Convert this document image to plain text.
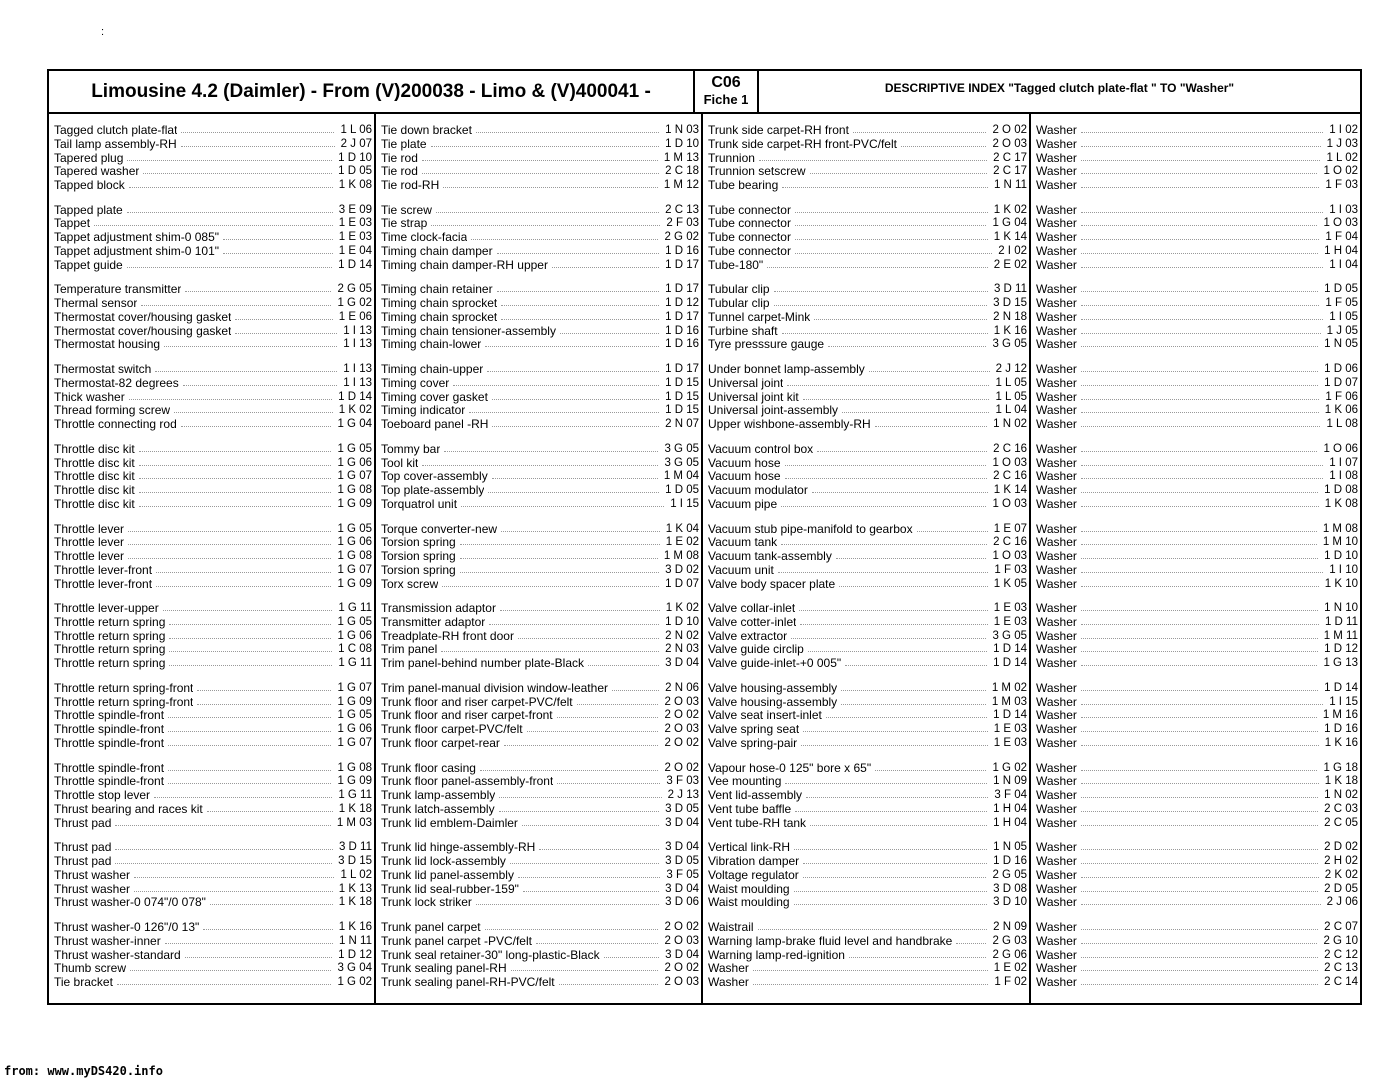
:
Limousine 4.2 (Daimler) - From (V)200038 - Limo & (V)400041 -	C06
Fiche 1
DESCRIPTIVE INDEX "Tagged clutch plate-flat " TO "Washer"
Tagged clutch plate-flat	1 L 06
Tail lamp assembly-RH	2 J 07
Tapered plug	1 D 10
Tapered washer	1 D 05
Tapped block	1 K 08
Tapped plate	3 E 09
Tappet	1 E 03
Tappet adjustment shim-0 085"	1 E 03
Tappet adjustment shim-0 101"	1 E 04
Tappet guide	1 D 14
Temperature transmitter	2 G 05
Thermal sensor	1 G 02
Thermostat cover/housing gasket	1 E 06
Thermostat cover/housing gasket	1 I 13
Thermostat housing	1 I 13
Thermostat switch	1 I 13
Thermostat-82 degrees	1 I 13
Thick washer	1 D 14
Thread forming screw	1 K 02
Throttle connecting rod	1 G 04
Throttle disc kit	1 G 05
Throttle disc kit	1 G 06
Throttle disc kit	1 G 07
Throttle disc kit	1 G 08
Throttle disc kit	1 G 09
Throttle lever	1 G 05
Throttle lever	1 G 06
Throttle lever	1 G 08
Throttle lever-front	1 G 07
Throttle lever-front	1 G 09
Throttle lever-upper	1 G 11
Throttle return spring	1 G 05
Throttle return spring	1 G 06
Throttle return spring	1 C 08
Throttle return spring	1 G 11
Throttle return spring-front	1 G 07
Throttle return spring-front	1 G 09
Throttle spindle-front	1 G 05
Throttle spindle-front	1 G 06
Throttle spindle-front	1 G 07
Throttle spindle-front	1 G 08
Throttle spindle-front	1 G 09
Throttle stop lever	1 G 11
Thrust bearing and races kit	1 K 18
Thrust pad	1 M 03
Thrust pad	3 D 11
Thrust pad	3 D 15
Thrust washer	1 L 02
Thrust washer	1 K 13
Thrust washer-0 074"/0 078"	1 K 18
Thrust washer-0 126"/0 13"	1 K 16
Thrust washer-inner	1 N 11
Thrust washer-standard	1 D 12
Thumb screw	3 G 04
Tie bracket	1 G 02
Tie down bracket	1 N 03
Tie plate	1 D 10
Tie rod	1 M 13
Tie rod	2 C 18
Tie rod-RH	1 M 12
Tie screw	2 C 13
Tie strap	2 F 03
Time clock-facia	2 G 02
Timing chain damper	1 D 16
Timing chain damper-RH upper	1 D 17
Timing chain retainer	1 D 17
Timing chain sprocket	1 D 12
Timing chain sprocket	1 D 17
Timing chain tensioner-assembly	1 D 16
Timing chain-lower	1 D 16
Timing chain-upper	1 D 17
Timing cover	1 D 15
Timing cover gasket	1 D 15
Timing indicator	1 D 15
Toeboard panel -RH	2 N 07
Tommy bar	3 G 05
Tool kit	3 G 05
Top cover-assembly	1 M 04
Top plate-assembly	1 D 05
Torquatrol unit	1 I 15
Torque converter-new	1 K 04
Torsion spring	1 E 02
Torsion spring	1 M 08
Torsion spring	3 D 02
Torx screw	1 D 07
Transmission adaptor	1 K 02
Transmitter adaptor	1 D 10
Treadplate-RH front door	2 N 02
Trim panel	2 N 03
Trim panel-behind number plate-Black	3 D 04
Trim panel-manual division window-leather	2 N 06
Trunk floor and riser carpet-PVC/felt	2 O 03
Trunk floor and riser carpet-front	2 O 02
Trunk floor carpet-PVC/felt	2 O 03
Trunk floor carpet-rear	2 O 02
Trunk floor casing	2 O 02
Trunk floor panel-assembly-front	3 F 03
Trunk lamp-assembly	2 J 13
Trunk latch-assembly	3 D 05
Trunk lid emblem-Daimler	3 D 04
Trunk lid hinge-assembly-RH	3 D 04
Trunk lid lock-assembly	3 D 05
Trunk lid panel-assembly	3 F 05
Trunk lid seal-rubber-159"	3 D 04
Trunk lock striker	3 D 06
Trunk panel carpet	2 O 02
Trunk panel carpet -PVC/felt	2 O 03
Trunk seal retainer-30" long-plastic-Black	3 D 04
Trunk sealing panel-RH	2 O 02
Trunk sealing panel-RH-PVC/felt	2 O 03
Trunk side carpet-RH front	2 O 02
Trunk side carpet-RH front-PVC/felt	2 O 03
Trunnion	2 C 17
Trunnion setscrew	2 C 17
Tube bearing	1 N 11
Tube connector	1 K 02
Tube connector	1 G 04
Tube connector	1 K 14
Tube connector	2 I 02
Tube-180"	2 E 02
Tubular clip	3 D 11
Tubular clip	3 D 15
Tunnel carpet-Mink	2 N 18
Turbine shaft	1 K 16
Tyre presssure gauge	3 G 05
Under bonnet lamp-assembly	2 J 12
Universal joint	1 L 05
Universal joint kit	1 L 05
Universal joint-assembly	1 L 04
Upper wishbone-assembly-RH	1 N 02
Vacuum control box	2 C 16
Vacuum hose	1 O 03
Vacuum hose	2 C 16
Vacuum modulator	1 K 14
Vacuum pipe	1 O 03
Vacuum stub pipe-manifold to gearbox	1 E 07
Vacuum tank	2 C 16
Vacuum tank-assembly	1 O 03
Vacuum unit	1 F 03
Valve body spacer plate	1 K 05
Valve collar-inlet	1 E 03
Valve cotter-inlet	1 E 03
Valve extractor	3 G 05
Valve guide circlip	1 D 14
Valve guide-inlet-+0 005"	1 D 14
Valve housing-assembly	1 M 02
Valve housing-assembly	1 M 03
Valve seat insert-inlet	1 D 14
Valve spring seat	1 E 03
Valve spring-pair	1 E 03
Vapour hose-0 125" bore x 65"	1 G 02
Vee mounting	1 N 09
Vent lid-assembly	3 F 04
Vent tube baffle	1 H 04
Vent tube-RH tank	1 H 04
Vertical link-RH	1 N 05
Vibration damper	1 D 16
Voltage regulator	2 G 05
Waist moulding	3 D 08
Waist moulding	3 D 10
Waistrail	2 N 09
Warning lamp-brake fluid level and handbrake	2 G 03
Warning lamp-red-ignition	2 G 06
Washer	1 E 02
Washer	1 F 02
Washer	1 I 02
Washer	1 J 03
Washer	1 L 02
Washer	1 O 02
Washer	1 F 03
Washer	1 I 03
Washer	1 O 03
Washer	1 F 04
Washer	1 H 04
Washer	1 I 04
Washer	1 D 05
Washer	1 F 05
Washer	1 I 05
Washer	1 J 05
Washer	1 N 05
Washer	1 D 06
Washer	1 D 07
Washer	1 F 06
Washer	1 K 06
Washer	1 L 08
Washer	1 O 06
Washer	1 I 07
Washer	1 I 08
Washer	1 D 08
Washer	1 K 08
Washer	1 M 08
Washer	1 M 10
Washer	1 D 10
Washer	1 I 10
Washer	1 K 10
Washer	1 N 10
Washer	1 D 11
Washer	1 M 11
Washer	1 D 12
Washer	1 G 13
Washer	1 D 14
Washer	1 I 15
Washer	1 M 16
Washer	1 D 16
Washer	1 K 16
Washer	1 G 18
Washer	1 K 18
Washer	1 N 02
Washer	2 C 03
Washer	2 C 05
Washer	2 D 02
Washer	2 H 02
Washer	2 K 02
Washer	2 D 05
Washer	2 J 06
Washer	2 C 07
Washer	2 G 10
Washer	2 C 12
Washer	2 C 13
Washer	2 C 14
from: www.myDS420.info
